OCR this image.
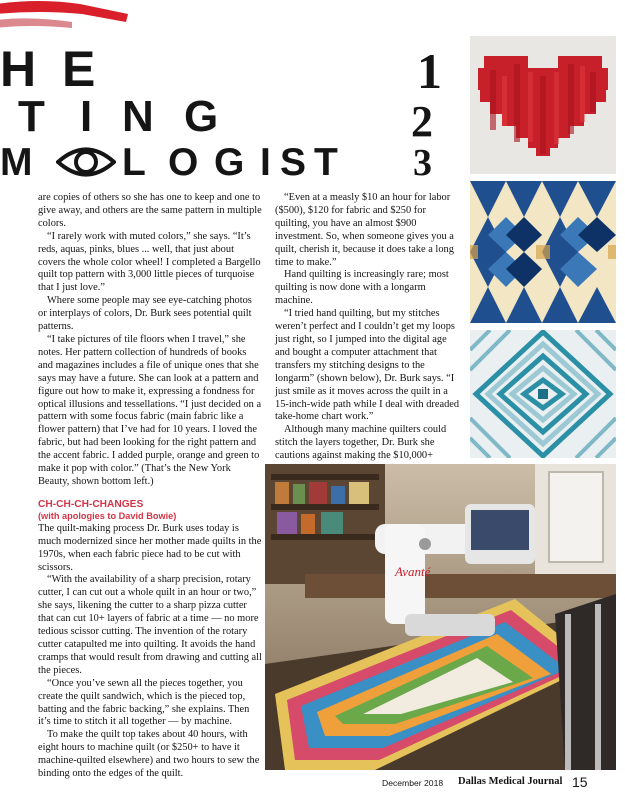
H E
T I N G
M L O G I S T
1
2
3

are copies of others so she has one to keep and one to give away, and others are the same pattern in multiple colors.

“I rarely work with muted colors,” she says. “It’s reds, aquas, pinks, blues ... well, that just about covers the whole color wheel! I completed a Bargello quilt top pattern with 3,000 little pieces of turquoise that I just love.”

Where some people may see eye-catching photos or interplays of colors, Dr. Burk sees potential quilt patterns.

“I take pictures of tile floors when I travel,” she notes. Her pattern collection of hundreds of books and magazines includes a file of unique ones that she says may have a future. She can look at a pattern and figure out how to make it, expressing a fondness for optical illusions and tessellations. “I just decided on a pattern with some focus fabric (main fabric like a flower pattern) that I’ve had for 10 years. I loved the fabric, but had been looking for the right pattern and the accent fabric. I added purple, orange and green to make it pop with color.” (That’s the New York Beauty, shown bottom left.)

CH-CH-CH-CHANGES
(with apologies to David Bowie)

The quilt-making process Dr. Burk uses today is much modernized since her mother made quilts in the 1970s, when each fabric piece had to be cut with scissors.

“With the availability of a sharp precision, rotary cutter, I can cut out a whole quilt in an hour or two,” she says, likening the cutter to a sharp pizza cutter that can cut 10+ layers of fabric at a time — no more tedious scissor cutting. The invention of the rotary cutter catapulted me into quilting. It avoids the hand cramps that would result from drawing and cutting all the pieces.

“Once you’ve sewn all the pieces together, you create the quilt sandwich, which is the pieced top, batting and the fabric backing,” she explains. Then it’s time to stitch it all together — by machine.

To make the quilt top takes about 40 hours, with eight hours to machine quilt (or $250+ to have it machine-quilted elsewhere) and two hours to sew the binding onto the edges of the quilt.

“Even at a measly $10 an hour for labor ($500), $120 for fabric and $250 for quilting, you have an almost $900 investment. So, when someone gives you a quilt, cherish it, because it does take a long time to make.”

Hand quilting is increasingly rare; most quilting is now done with a longarm machine.

“I tried hand quilting, but my stitches weren’t perfect and I couldn’t get my loops just right, so I jumped into the digital age and bought a computer attachment that transfers my stitching designs to the longarm” (shown below), Dr. Burk says. “I just smile as it moves across the quilt in a 15-inch-wide path while I deal with dreaded take-home chart work.”

Although many machine quilters could stitch the layers together, Dr. Burk she cautions against making the $10,000+

Avanté
December 2018 Dallas Medical Journal 15
